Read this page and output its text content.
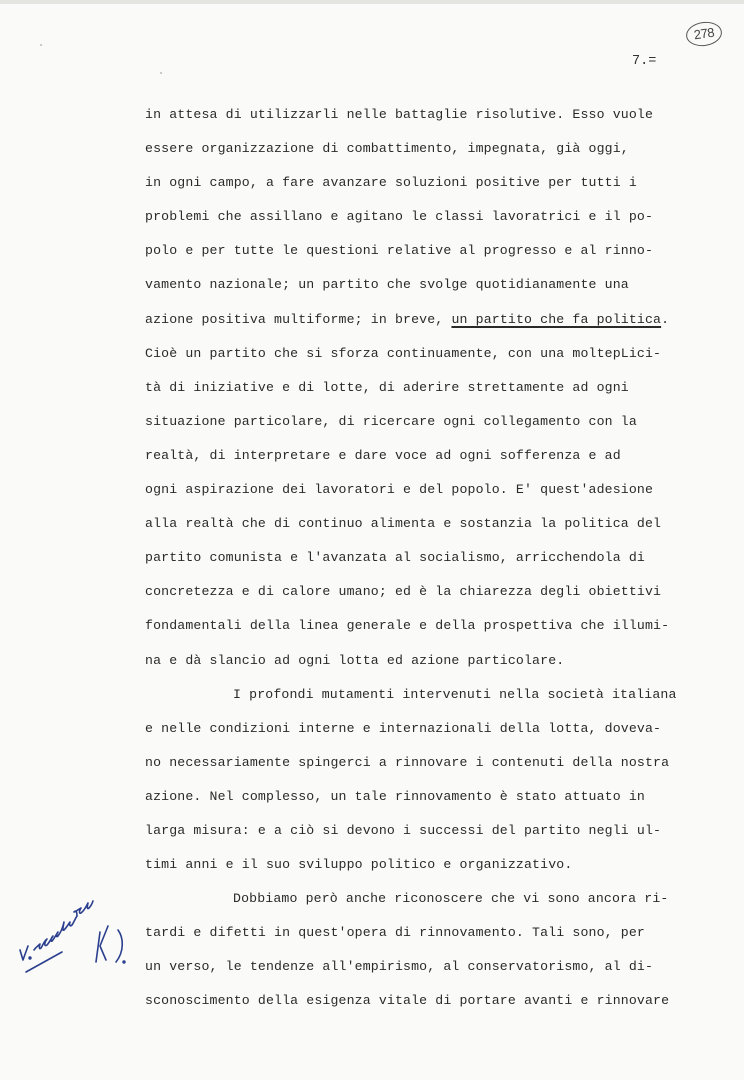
278
7.=
in attesa di utilizzarli nelle battaglie risolutive. Esso vuole
essere organizzazione di combattimento, impegnata, già oggi,
in ogni campo, a fare avanzare soluzioni positive per tutti i
problemi che assillano e agitano le classi lavoratrici e il po-
polo e per tutte le questioni relative al progresso e al rinno-
vamento nazionale; un partito che svolge quotidianamente una
azione positiva multiforme; in breve, un partito che fa politica.
Cioè un partito che si sforza continuamente, con una moltepLici-
tà di iniziative e di lotte, di aderire strettamente ad ogni
situazione particolare, di ricercare ogni collegamento con la
realtà, di interpretare e dare voce ad ogni sofferenza e ad
ogni aspirazione dei lavoratori e del popolo. E' quest'adesione
alla realtà che di continuo alimenta e sostanzia la politica del
partito comunista e l'avanzata al socialismo, arricchendola di
concretezza e di calore umano; ed è la chiarezza degli obiettivi
fondamentali della linea generale e della prospettiva che illumi-
na e dà slancio ad ogni lotta ed azione particolare.
I profondi mutamenti intervenuti nella società italiana
e nelle condizioni interne e internazionali della lotta, doveva-
no necessariamente spingerci a rinnovare i contenuti della nostra
azione. Nel complesso, un tale rinnovamento è stato attuato in
larga misura: e a ciò si devono i successi del partito negli ul-
timi anni e il suo sviluppo politico e organizzativo.
Dobbiamo però anche riconoscere che vi sono ancora ri-
tardi e difetti in quest'opera di rinnovamento. Tali sono, per
un verso, le tendenze all'empirismo, al conservatorismo, al di-
sconoscimento della esigenza vitale di portare avanti e rinnovare
